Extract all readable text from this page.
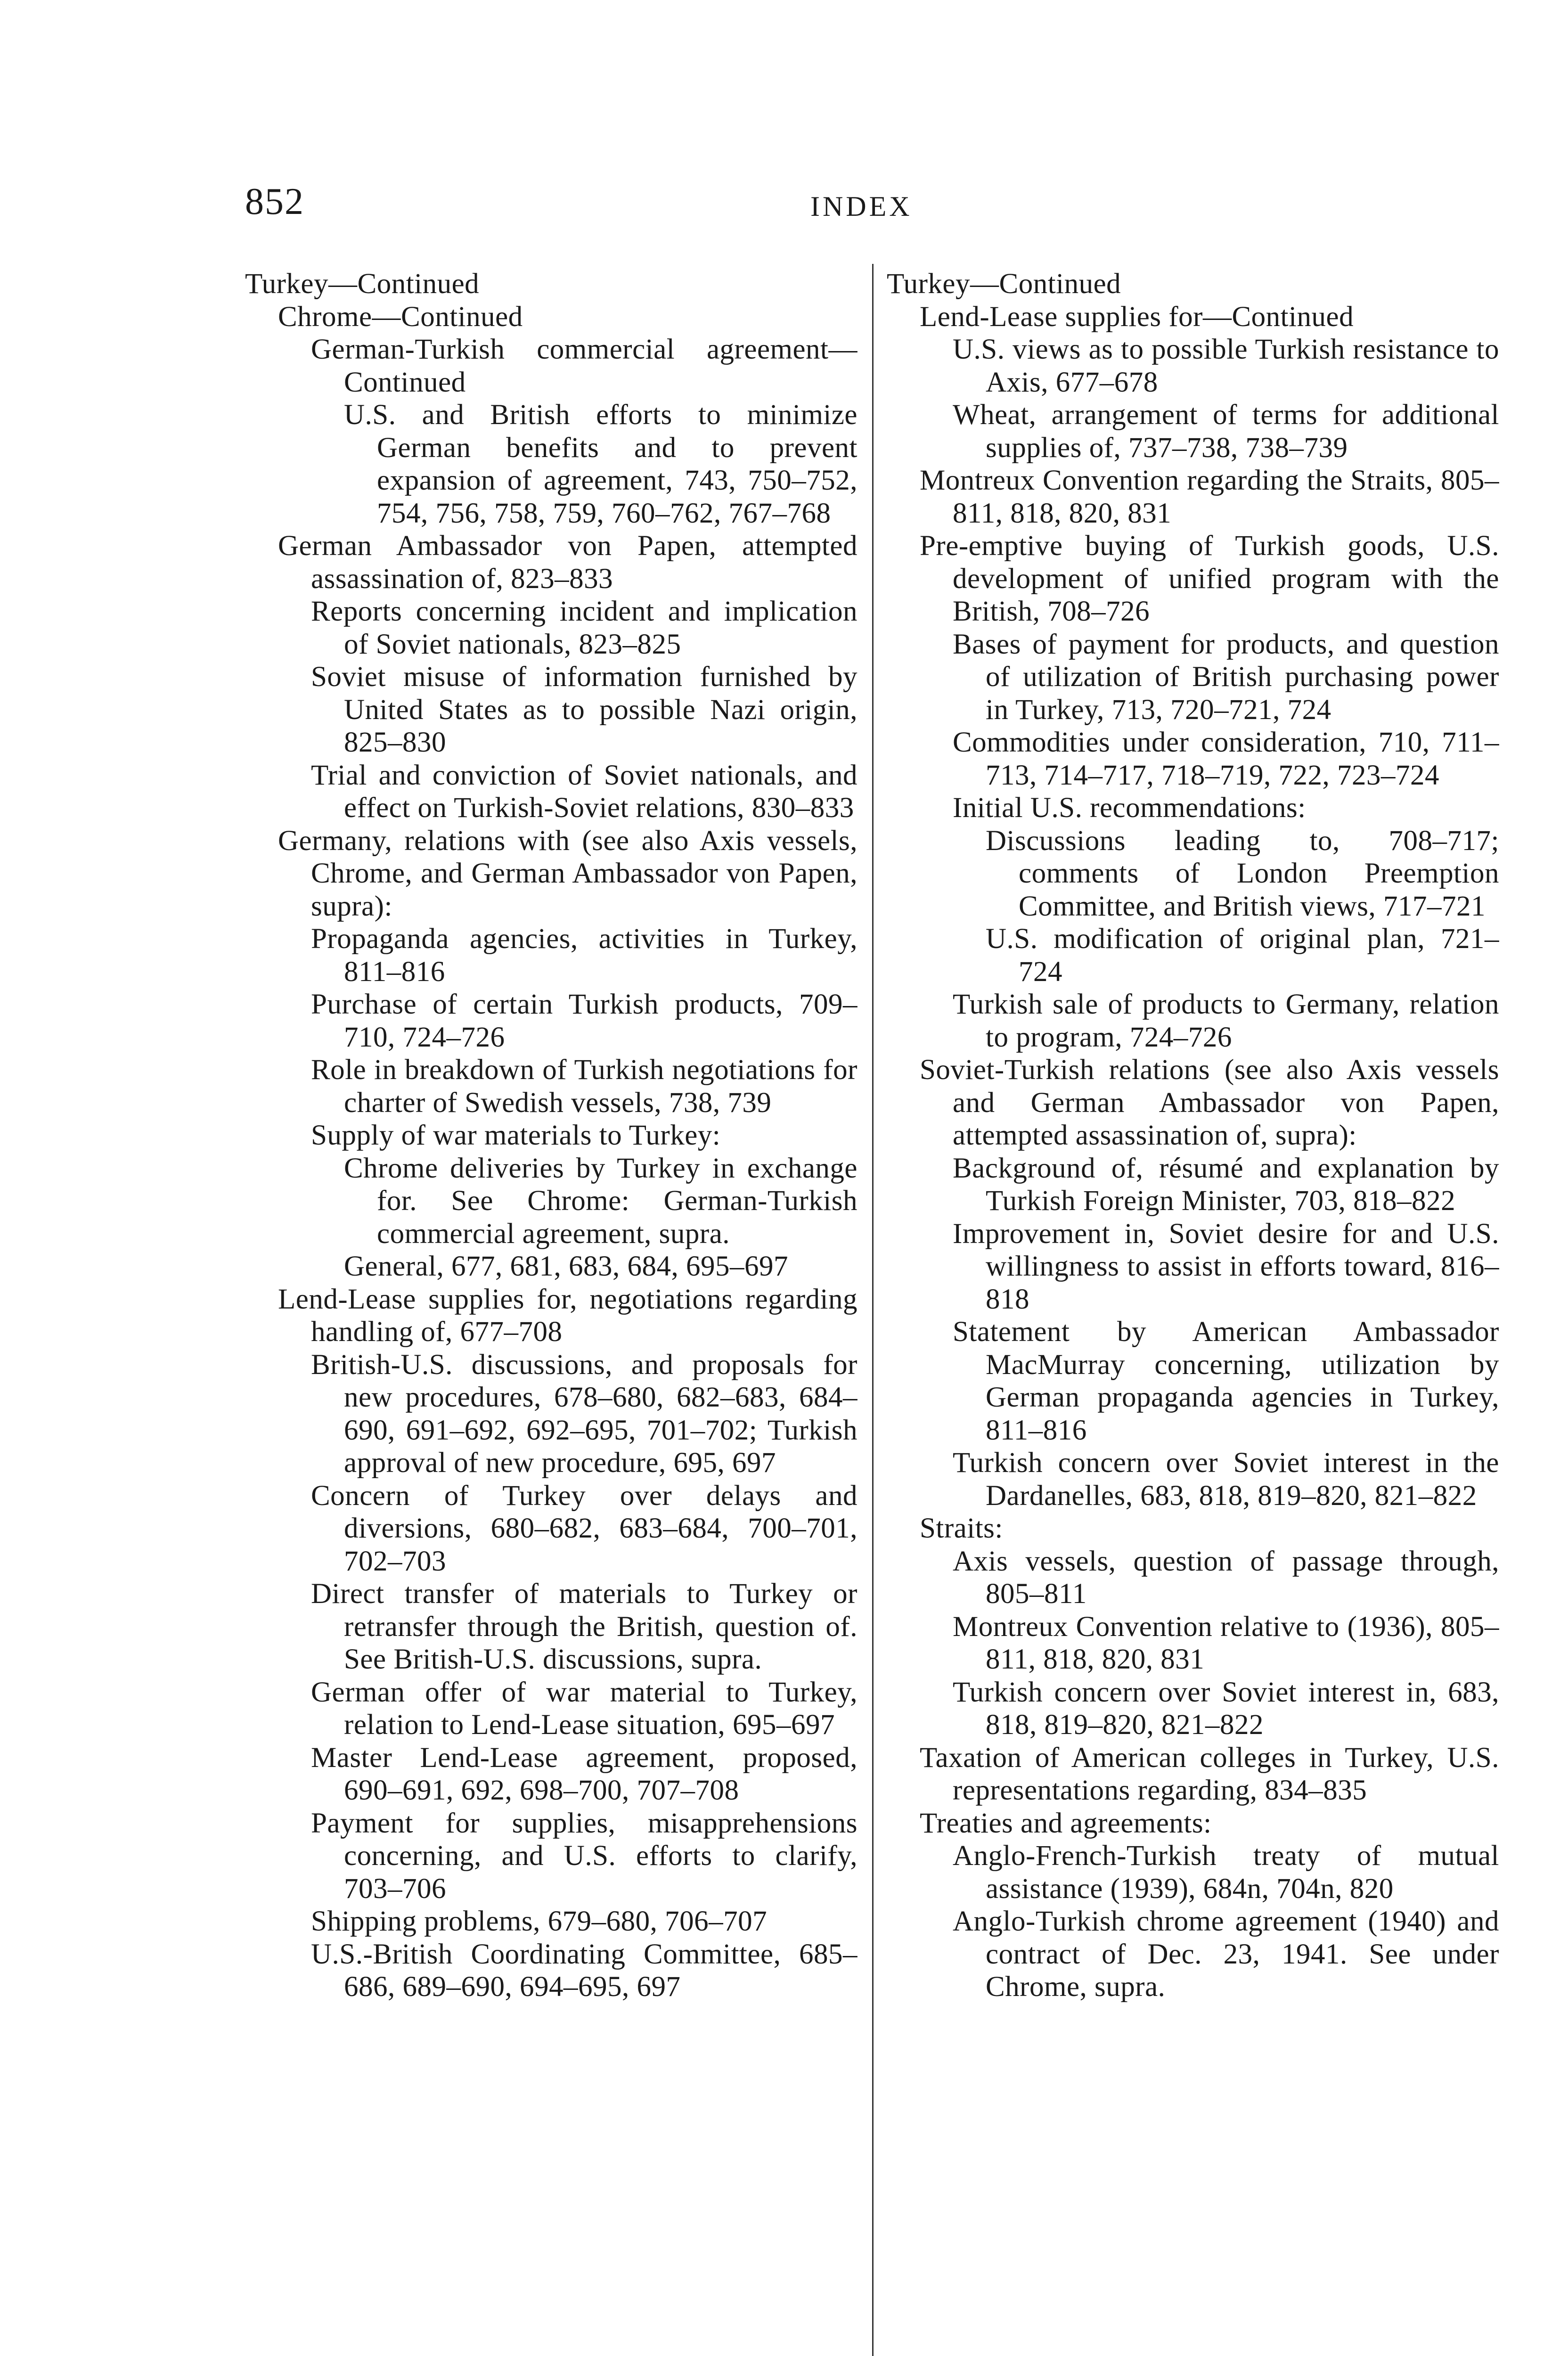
852	INDEX

Turkey—Continued

Chrome—Continued

German-Turkish commercial agreement—Continued

U.S. and British efforts to minimize German benefits and to prevent expansion of agreement, 743, 750–752, 754, 756, 758, 759, 760–762, 767–768

German Ambassador von Papen, attempted assassination of, 823–833

Reports concerning incident and implication of Soviet nationals, 823–825

Soviet misuse of information furnished by United States as to possible Nazi origin, 825–830

Trial and conviction of Soviet nationals, and effect on Turkish-Soviet relations, 830–833

Germany, relations with (see also Axis vessels, Chrome, and German Ambassador von Papen, supra):

Propaganda agencies, activities in Turkey, 811–816

Purchase of certain Turkish products, 709–710, 724–726

Role in breakdown of Turkish negotiations for charter of Swedish vessels, 738, 739

Supply of war materials to Turkey:

Chrome deliveries by Turkey in exchange for. See Chrome: German-Turkish commercial agreement, supra.

General, 677, 681, 683, 684, 695–697

Lend-Lease supplies for, negotiations regarding handling of, 677–708

British-U.S. discussions, and proposals for new procedures, 678–680, 682–683, 684–690, 691–692, 692–695, 701–702; Turkish approval of new procedure, 695, 697

Concern of Turkey over delays and diversions, 680–682, 683–684, 700–701, 702–703

Direct transfer of materials to Turkey or retransfer through the British, question of. See British-U.S. discussions, supra.

German offer of war material to Turkey, relation to Lend-Lease situation, 695–697

Master Lend-Lease agreement, proposed, 690–691, 692, 698–700, 707–708

Payment for supplies, misapprehensions concerning, and U.S. efforts to clarify, 703–706

Shipping problems, 679–680, 706–707

U.S.-British Coordinating Committee, 685–686, 689–690, 694–695, 697

Turkey—Continued

Lend-Lease supplies for—Continued

U.S. views as to possible Turkish resistance to Axis, 677–678

Wheat, arrangement of terms for additional supplies of, 737–738, 738–739

Montreux Convention regarding the Straits, 805–811, 818, 820, 831

Pre-emptive buying of Turkish goods, U.S. development of unified program with the British, 708–726

Bases of payment for products, and question of utilization of British purchasing power in Turkey, 713, 720–721, 724

Commodities under consideration, 710, 711–713, 714–717, 718–719, 722, 723–724

Initial U.S. recommendations:

Discussions leading to, 708–717; comments of London Preemption Committee, and British views, 717–721

U.S. modification of original plan, 721–724

Turkish sale of products to Germany, relation to program, 724–726

Soviet-Turkish relations (see also Axis vessels and German Ambassador von Papen, attempted assassination of, supra):

Background of, résumé and explanation by Turkish Foreign Minister, 703, 818–822

Improvement in, Soviet desire for and U.S. willingness to assist in efforts toward, 816–818

Statement by American Ambassador MacMurray concerning, utilization by German propaganda agencies in Turkey, 811–816

Turkish concern over Soviet interest in the Dardanelles, 683, 818, 819–820, 821–822

Straits:

Axis vessels, question of passage through, 805–811

Montreux Convention relative to (1936), 805–811, 818, 820, 831

Turkish concern over Soviet interest in, 683, 818, 819–820, 821–822

Taxation of American colleges in Turkey, U.S. representations regarding, 834–835

Treaties and agreements:

Anglo-French-Turkish treaty of mutual assistance (1939), 684n, 704n, 820

Anglo-Turkish chrome agreement (1940) and contract of Dec. 23, 1941. See under Chrome, supra.
